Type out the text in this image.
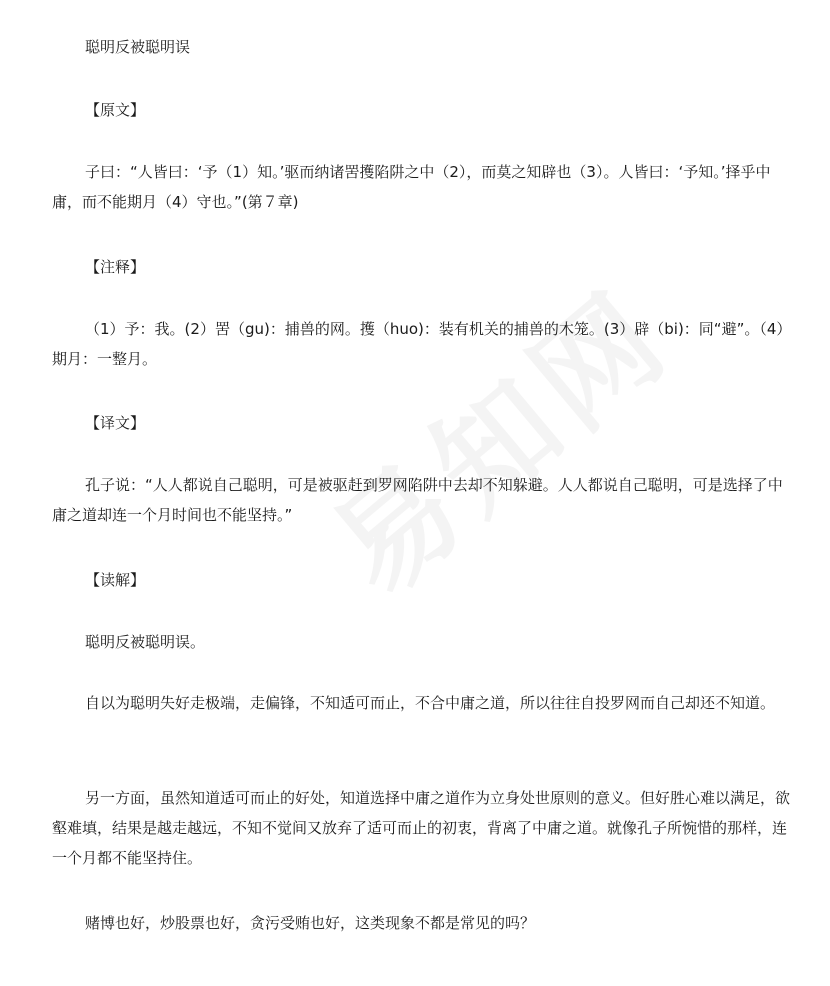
聪明反被聪明误

【原文】

子曰：“人皆曰：‘予（1）知。’驱而纳诸罟擭陷阱之中（2），而莫之知辟也（3）。人皆曰：‘予知。’择乎中庸，而不能期月（4）守也。”(第７章)

【注释】

（1）予：我。(2）罟（gu)：捕兽的网。擭（huo)：装有机关的捕兽的木笼。(3）辟（bi)：同“避”。（4）期月：一整月。

【译文】

孔子说：“人人都说自己聪明，可是被驱赶到罗网陷阱中去却不知躲避。人人都说自己聪明，可是选择了中庸之道却连一个月时间也不能坚持。”

【读解】

聪明反被聪明误。

自以为聪明失好走极端，走偏锋，不知适可而止，不合中庸之道，所以往往自投罗网而自己却还不知道。

另一方面，虽然知道适可而止的好处，知道选择中庸之道作为立身处世原则的意义。但好胜心难以满足，欲壑难填，结果是越走越远，不知不觉间又放弃了适可而止的初衷，背离了中庸之道。就像孔子所惋惜的那样，连一个月都不能坚持住。

赌博也好，炒股票也好，贪污受贿也好，这类现象不都是常见的吗？
